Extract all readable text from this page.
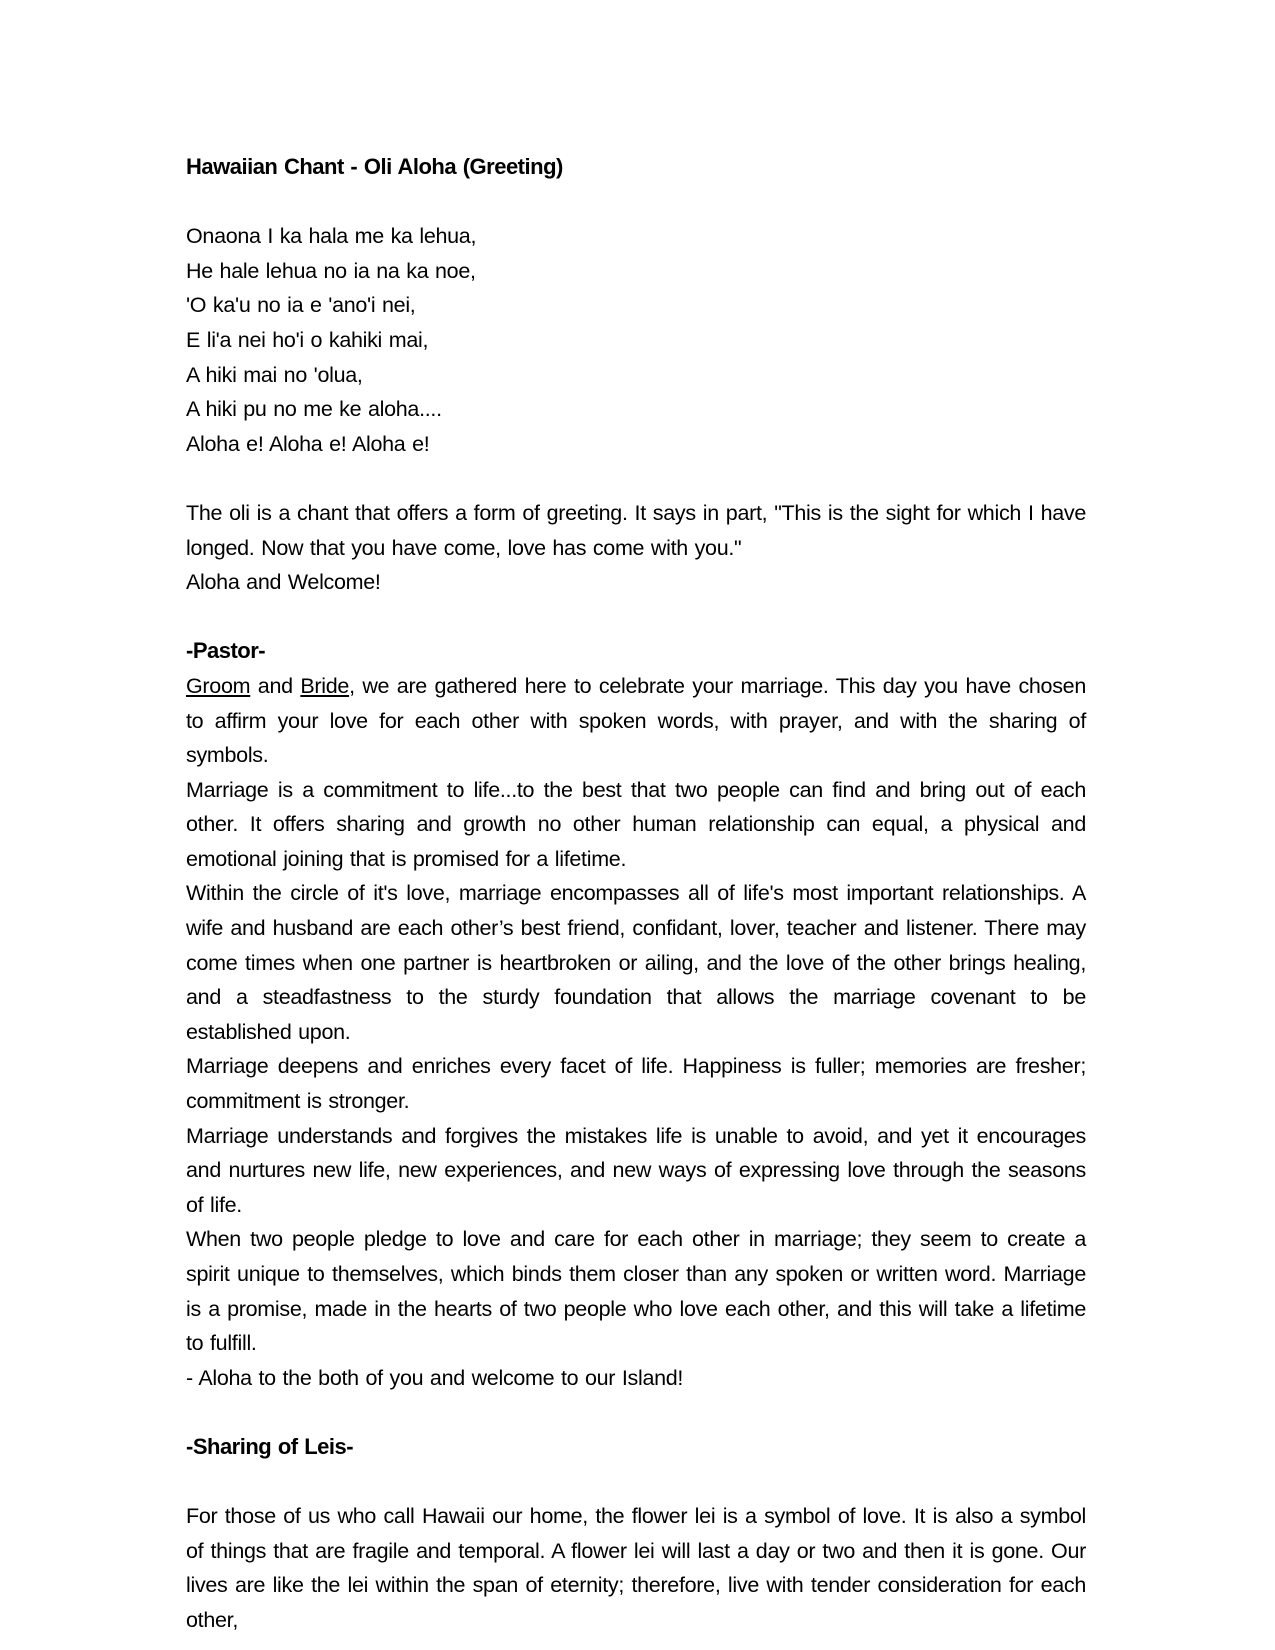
Hawaiian Chant - Oli Aloha (Greeting)

Onaona I ka hala me ka lehua,

He hale lehua no ia na ka noe,

'O ka'u no ia e 'ano'i nei,

E li'a nei ho'i o kahiki mai,

A hiki mai no 'olua,

A hiki pu no me ke aloha....

Aloha e! Aloha e! Aloha e!

The oli is a chant that offers a form of greeting. It says in part, "This is the sight for which I have longed. Now that you have come, love has come with you."

Aloha and Welcome!

-Pastor-

Groom and Bride, we are gathered here to celebrate your marriage. This day you have chosen to affirm your love for each other with spoken words, with prayer, and with the sharing of symbols.

Marriage is a commitment to life...to the best that two people can find and bring out of each other. It offers sharing and growth no other human relationship can equal, a physical and emotional joining that is promised for a lifetime.

Within the circle of it's love, marriage encompasses all of life's most important relationships. A wife and husband are each other’s best friend, confidant, lover, teacher and listener. There may come times when one partner is heartbroken or ailing, and the love of the other brings healing, and a steadfastness to the sturdy foundation that allows the marriage covenant to be established upon.

Marriage deepens and enriches every facet of life. Happiness is fuller; memories are fresher; commitment is stronger.

Marriage understands and forgives the mistakes life is unable to avoid, and yet it encourages and nurtures new life, new experiences, and new ways of expressing love through the seasons of life.

When two people pledge to love and care for each other in marriage; they seem to create a spirit unique to themselves, which binds them closer than any spoken or written word. Marriage is a promise, made in the hearts of two people who love each other, and this will take a lifetime to fulfill.

- Aloha to the both of you and welcome to our Island!

-Sharing of Leis-

For those of us who call Hawaii our home, the flower lei is a symbol of love. It is also a symbol of things that are fragile and temporal. A flower lei will last a day or two and then it is gone. Our lives are like the lei within the span of eternity; therefore, live with tender consideration for each other,
